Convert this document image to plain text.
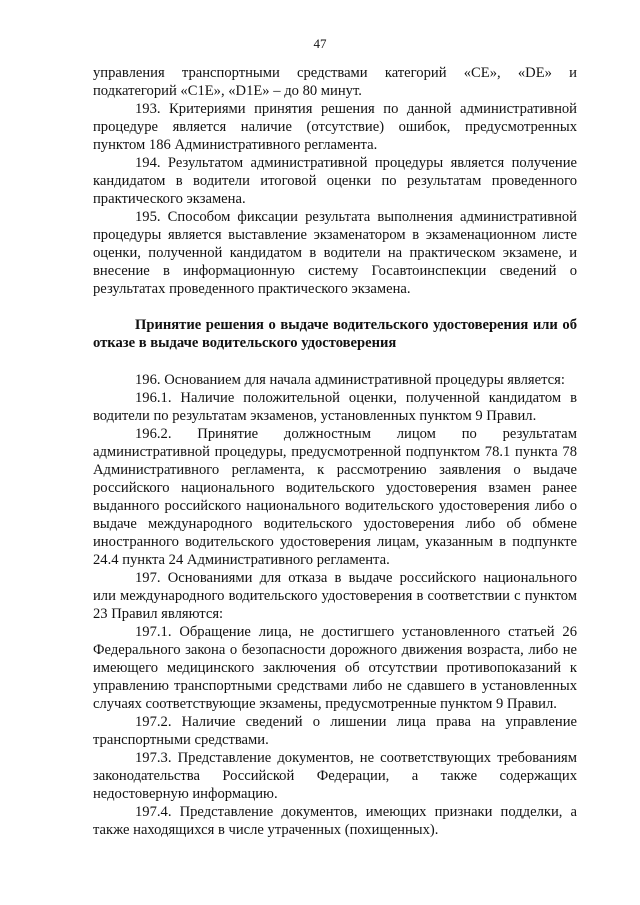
47

управления транспортными средствами категорий «CE», «DE» и подкатегорий «C1E», «D1E» – до 80 минут.

193. Критериями принятия решения по данной административной процедуре является наличие (отсутствие) ошибок, предусмотренных пунктом 186 Административного регламента.

194. Результатом административной процедуры является получение кандидатом в водители итоговой оценки по результатам проведенного практического экзамена.

195. Способом фиксации результата выполнения административной процедуры является выставление экзаменатором в экзаменационном листе оценки, полученной кандидатом в водители на практическом экзамене, и внесение в информационную систему Госавтоинспекции сведений о результатах проведенного практического экзамена.

Принятие решения о выдаче водительского удостоверения или об отказе в выдаче водительского удостоверения

196. Основанием для начала административной процедуры является:

196.1. Наличие положительной оценки, полученной кандидатом в водители по результатам экзаменов, установленных пунктом 9 Правил.

196.2. Принятие должностным лицом по результатам административной процедуры, предусмотренной подпунктом 78.1 пункта 78 Административного регламента, к рассмотрению заявления о выдаче российского национального водительского удостоверения взамен ранее выданного российского национального водительского удостоверения либо о выдаче международного водительского удостоверения либо об обмене иностранного водительского удостоверения лицам, указанным в подпункте 24.4 пункта 24 Административного регламента.

197. Основаниями для отказа в выдаче российского национального или международного водительского удостоверения в соответствии с пунктом 23 Правил являются:

197.1. Обращение лица, не достигшего установленного статьей 26 Федерального закона о безопасности дорожного движения возраста, либо не имеющего медицинского заключения об отсутствии противопоказаний к управлению транспортными средствами либо не сдавшего в установленных случаях соответствующие экзамены, предусмотренные пунктом 9 Правил.

197.2. Наличие сведений о лишении лица права на управление транспортными средствами.

197.3. Представление документов, не соответствующих требованиям законодательства Российской Федерации, а также содержащих недостоверную информацию.

197.4. Представление документов, имеющих признаки подделки, а также находящихся в числе утраченных (похищенных).
